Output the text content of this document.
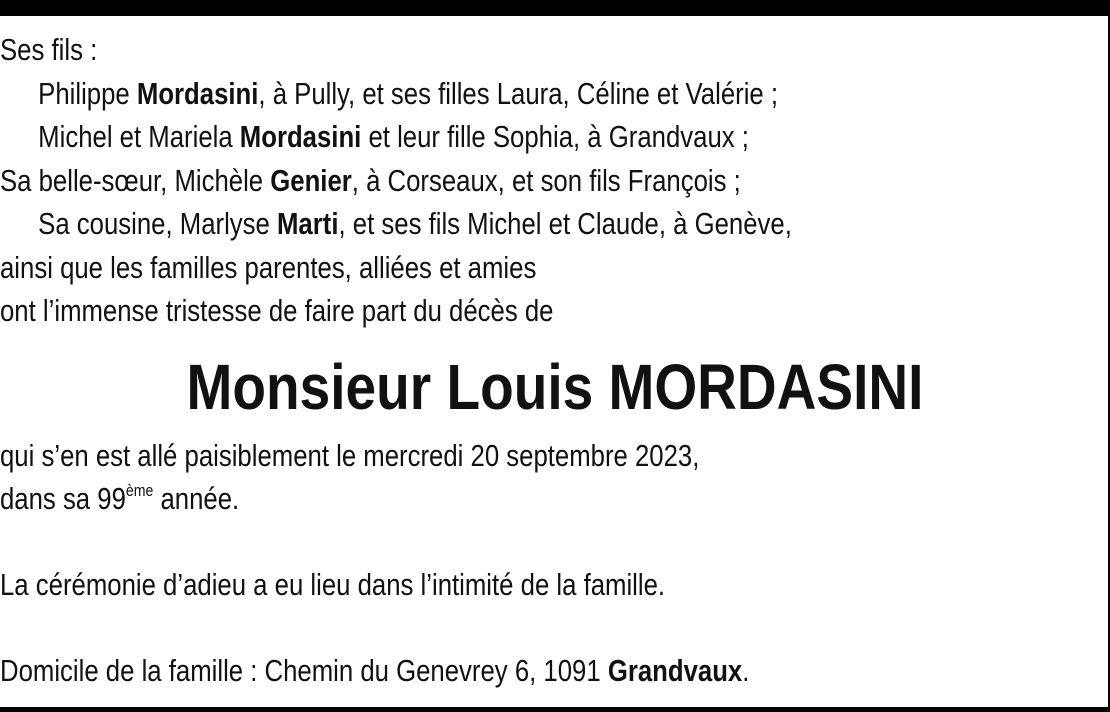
Ses fils :

Philippe Mordasini, à Pully, et ses filles Laura, Céline et Valérie ;

Michel et Mariela Mordasini et leur fille Sophia, à Grandvaux ;

Sa belle-sœur, Michèle Genier, à Corseaux, et son fils François ;

Sa cousine, Marlyse Marti, et ses fils Michel et Claude, à Genève,

ainsi que les familles parentes, alliées et amies

ont l’immense tristesse de faire part du décès de

Monsieur Louis MORDASINI

qui s’en est allé paisiblement le mercredi 20 septembre 2023,

dans sa 99ème année.

La cérémonie d’adieu a eu lieu dans l’intimité de la famille.

Domicile de la famille : Chemin du Genevrey 6, 1091 Grandvaux.
